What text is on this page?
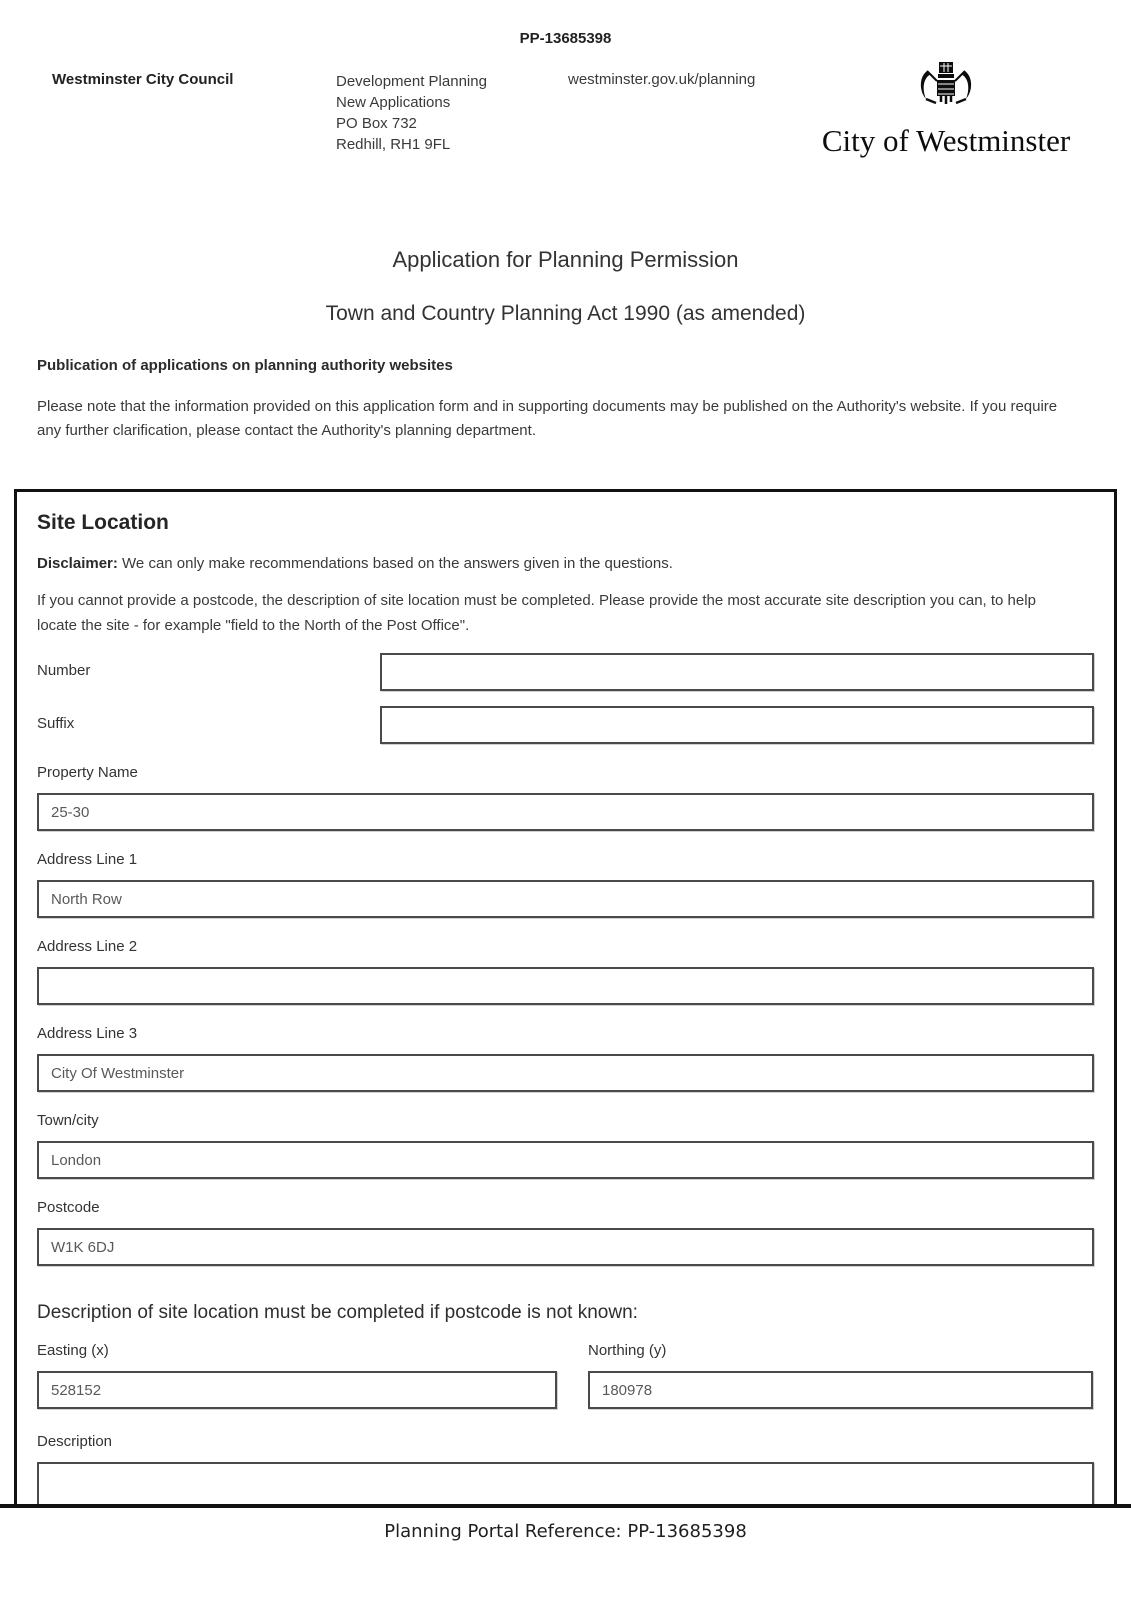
PP-13685398
Westminster City Council	Development Planning
New Applications
PO Box 732
Redhill, RH1 9FL
westminster.gov.uk/planning
City of Westminster
Application for Planning Permission
Town and Country Planning Act 1990 (as amended)
Publication of applications on planning authority websites
Please note that the information provided on this application form and in supporting documents may be published on the Authority's website. If you require any further clarification, please contact the Authority's planning department.
Site Location
Disclaimer: We can only make recommendations based on the answers given in the questions.
If you cannot provide a postcode, the description of site location must be completed. Please provide the most accurate site description you can, to help locate the site - for example "field to the North of the Post Office".
Number
Suffix
Property Name
25-30
Address Line 1
North Row
Address Line 2
Address Line 3
City Of Westminster
Town/city
London
Postcode
W1K 6DJ
Description of site location must be completed if postcode is not known:
Easting (x)
528152	Northing (y)
180978
Description
Planning Portal Reference: PP-13685398
